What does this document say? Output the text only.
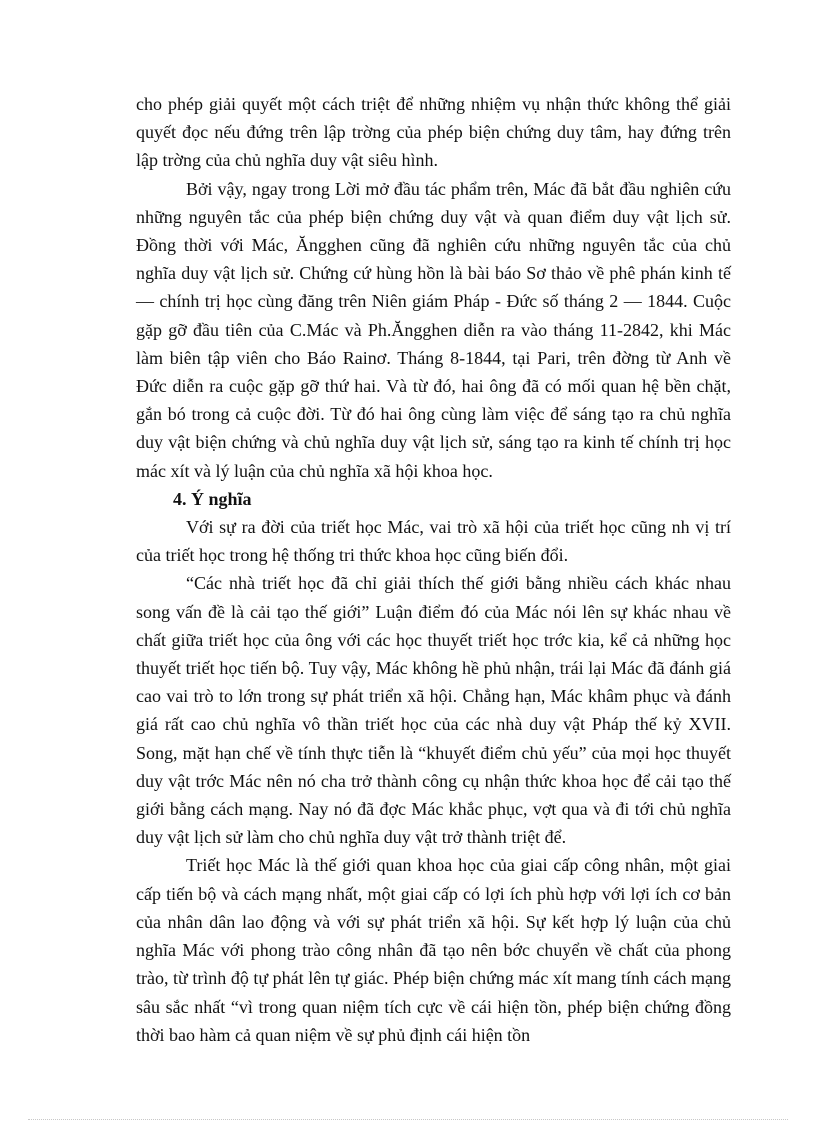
cho phép giải quyết một cách triệt để những nhiệm vụ nhận thức không thể giải quyết đọc nếu đứng trên lập trờng của phép biện chứng duy tâm, hay đứng trên lập trờng của chủ nghĩa duy vật siêu hình.

Bởi vậy, ngay trong Lời mở đầu tác phẩm trên, Mác đã bắt đầu nghiên cứu những nguyên tắc của phép biện chứng duy vật và quan điểm duy vật lịch sử. Đồng thời với Mác, Ăngghen cũng đã nghiên cứu những nguyên tắc của chủ nghĩa duy vật lịch sử. Chứng cứ hùng hồn là bài báo Sơ thảo về phê phán kinh tế — chính trị học cùng đăng trên Niên giám Pháp - Đức số tháng 2 — 1844. Cuộc gặp gỡ đầu tiên của C.Mác và Ph.Ăngghen diễn ra vào tháng 11-2842, khi Mác làm biên tập viên cho Báo Rainơ. Tháng 8-1844, tại Pari, trên đờng từ Anh về Đức diễn ra cuộc gặp gỡ thứ hai. Và từ đó, hai ông đã có mối quan hệ bền chặt, gắn bó trong cả cuộc đời. Từ đó hai ông cùng làm việc để sáng tạo ra chủ nghĩa duy vật biện chứng và chủ nghĩa duy vật lịch sử, sáng tạo ra kinh tế chính trị học mác xít và lý luận của chủ nghĩa xã hội khoa học.

4. Ý nghĩa

Với sự ra đời của triết học Mác, vai trò xã hội của triết học cũng nh vị trí của triết học trong hệ thống tri thức khoa học cũng biến đổi.

“Các nhà triết học đã chỉ giải thích thế giới bằng nhiều cách khác nhau song vấn đề là cải tạo thế giới” Luận điểm đó của Mác nói lên sự khác nhau về chất giữa triết học của ông với các học thuyết triết học trớc kia, kể cả những học thuyết triết học tiến bộ. Tuy vậy, Mác không hề phủ nhận, trái lại Mác đã đánh giá cao vai trò to lớn trong sự phát triển xã hội. Chẳng hạn, Mác khâm phục và đánh giá rất cao chủ nghĩa vô thần triết học của các nhà duy vật Pháp thế kỷ XVII. Song, mặt hạn chế về tính thực tiễn là “khuyết điểm chủ yếu” của mọi học thuyết duy vật trớc Mác nên nó cha trở thành công cụ nhận thức khoa học để cải tạo thế giới bằng cách mạng. Nay nó đã đợc Mác khắc phục, vợt qua và đi tới chủ nghĩa duy vật lịch sử làm cho chủ nghĩa duy vật trở thành triệt để.

Triết học Mác là thế giới quan khoa học của giai cấp công nhân, một giai cấp tiến bộ và cách mạng nhất, một giai cấp có lợi ích phù hợp với lợi ích cơ bản của nhân dân lao động và với sự phát triển xã hội. Sự kết hợp lý luận của chủ nghĩa Mác với phong trào công nhân đã tạo nên bớc chuyển về chất của phong trào, từ trình độ tự phát lên tự giác. Phép biện chứng mác xít mang tính cách mạng sâu sắc nhất “vì trong quan niệm tích cực về cái hiện tồn, phép biện chứng đồng thời bao hàm cả quan niệm về sự phủ định cái hiện tồn
